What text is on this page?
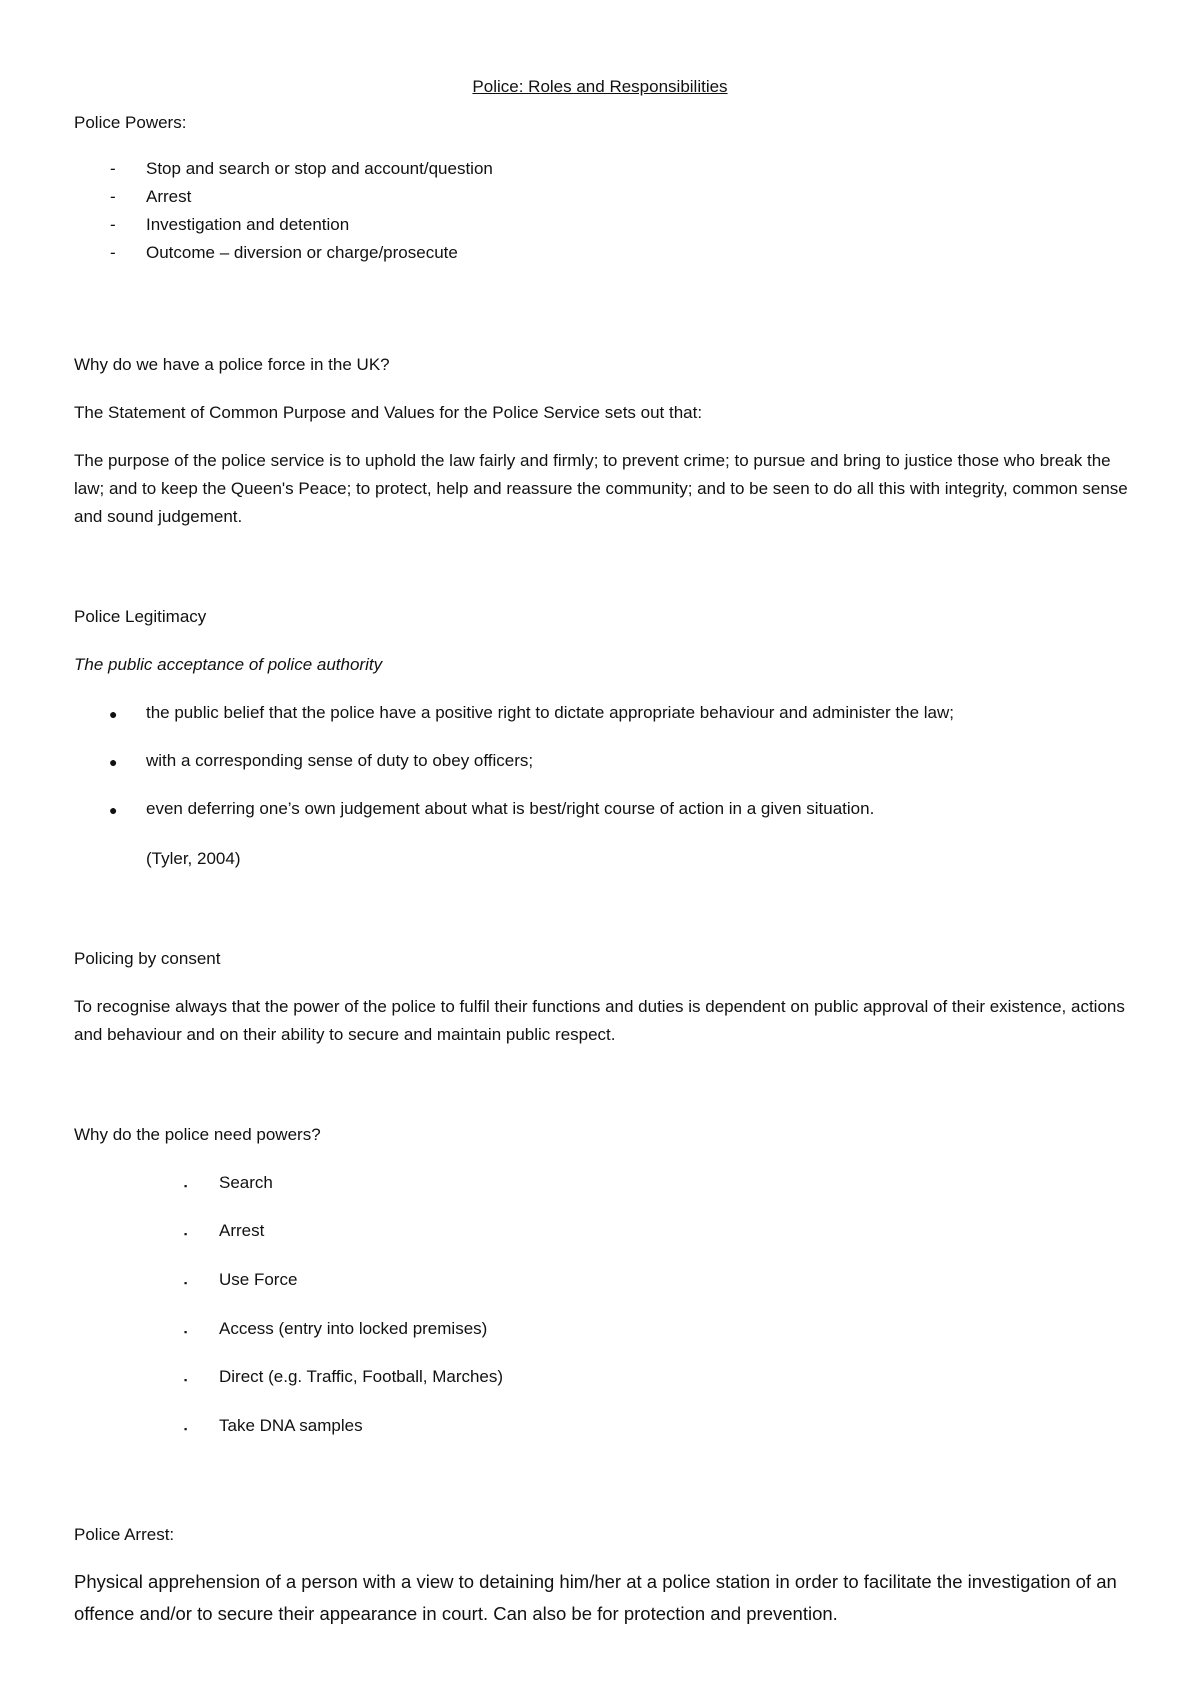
Police: Roles and Responsibilities
Police Powers:
- Stop and search or stop and account/question
- Arrest
- Investigation and detention
- Outcome – diversion or charge/prosecute
Why do we have a police force in the UK?
The Statement of Common Purpose and Values for the Police Service sets out that:
The purpose of the police service is to uphold the law fairly and firmly; to prevent crime; to pursue and bring to justice those who break the law; and to keep the Queen's Peace; to protect, help and reassure the community; and to be seen to do all this with integrity, common sense and sound judgement.
Police Legitimacy
The public acceptance of police authority
● the public belief that the police have a positive right to dictate appropriate behaviour and administer the law;
● with a corresponding sense of duty to obey officers;
● even deferring one’s own judgement about what is best/right course of action in a given situation.
(Tyler, 2004)
Policing by consent
To recognise always that the power of the police to fulfil their functions and duties is dependent on public approval of their existence, actions and behaviour and on their ability to secure and maintain public respect.
Why do the police need powers?
▪ Search
▪ Arrest
▪ Use Force
▪ Access (entry into locked premises)
▪ Direct (e.g. Traffic, Football, Marches)
▪ Take DNA samples
Police Arrest:
Physical apprehension of a person with a view to detaining him/her at a police station in order to facilitate the investigation of an offence and/or to secure their appearance in court. Can also be for protection and prevention.
